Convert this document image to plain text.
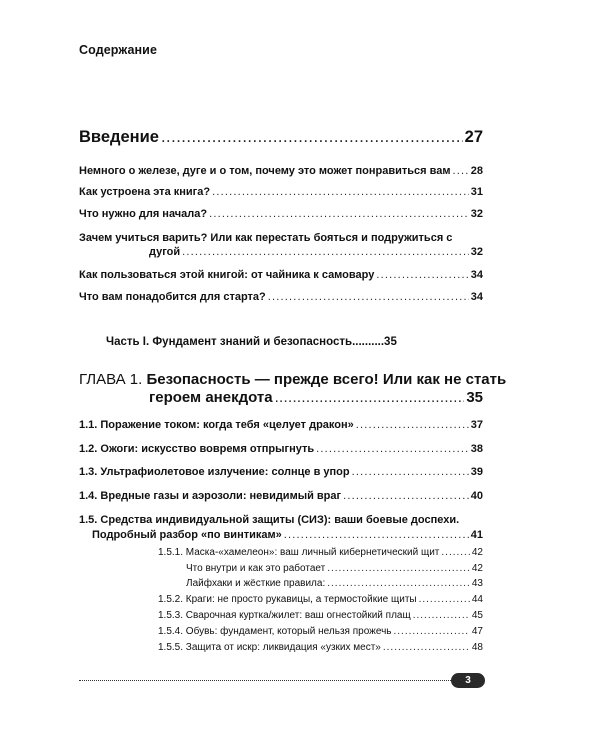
Содержание
Введение .....	27
Немного о железе, дуге и о том, почему это может понравиться вам ..... 28
Как устроена эта книга? .....	31
Что нужно для начала? .....	32
Зачем учиться варить? Или как перестать бояться и подружиться с
дугой .....	32
Как пользоваться этой книгой: от чайника к самовару .....	34
Что вам понадобится для старта? .....	34
Часть I. Фундамент знаний и безопасность..........35
ГЛАВА 1. Безопасность — прежде всего! Или как не стать
героем анекдота .....	35
1.1. Поражение током: когда тебя «целует дракон» .....	37
1.2. Ожоги: искусство вовремя отпрыгнуть .....	38
1.3. Ультрафиолетовое излучение: солнце в упор .....	39
1.4. Вредные газы и аэрозоли: невидимый враг .....	40
1.5. Средства индивидуальной защиты (СИЗ): ваши боевые доспехи.
Подробный разбор «по винтикам» .....	41
1.5.1. Маска-«хамелеон»: ваш личный кибернетический щит .....	42
Что внутри и как это работает .....	42
Лайфхаки и жёсткие правила: .....	43
1.5.2. Краги: не просто рукавицы, а термостойкие щиты .....	44
1.5.3. Сварочная куртка/жилет: ваш огнестойкий плащ .....	45
1.5.4. Обувь: фундамент, который нельзя прожечь .....	47
1.5.5. Защита от искр: ликвидация «узких мест» .....	48
3
